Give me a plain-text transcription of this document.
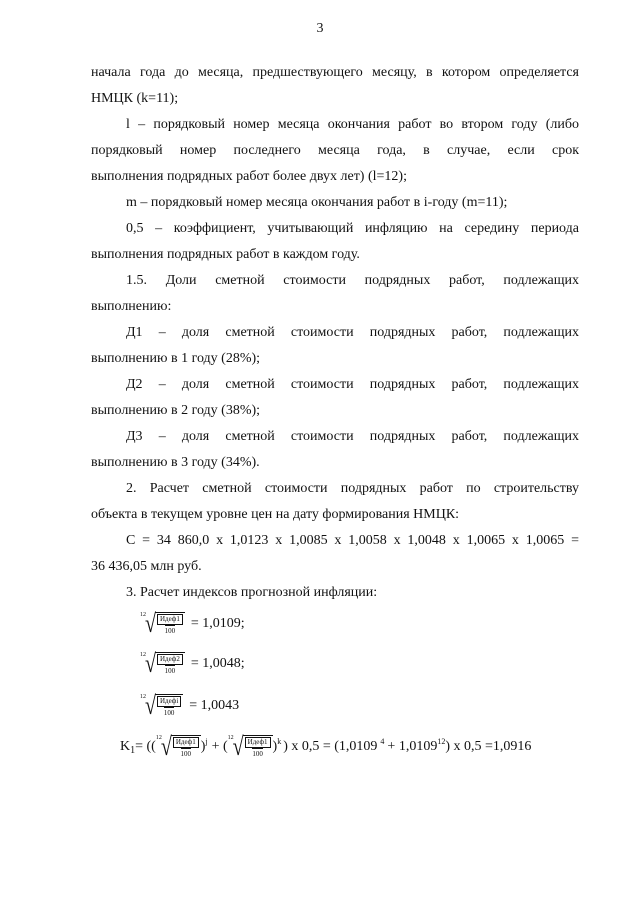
3
начала года до месяца, предшествующего месяцу, в котором определяется
НМЦК (k=11);
l – порядковый номер месяца окончания работ во втором году (либо
порядковый номер последнего месяца года, в случае, если срок
выполнения подрядных работ более двух лет) (l=12);
m – порядковый номер месяца окончания работ в i-году (m=11);
0,5 – коэффициент, учитывающий инфляцию на середину периода
выполнения подрядных работ в каждом году.
1.5. Доли сметной стоимости подрядных работ, подлежащих
выполнению:
Д1 – доля сметной стоимости подрядных работ, подлежащих
выполнению в 1 году (28%);
Д2 – доля сметной стоимости подрядных работ, подлежащих
выполнению в 2 году (38%);
Д3 – доля сметной стоимости подрядных работ, подлежащих
выполнению в 3 году (34%).
2. Расчет сметной стоимости подрядных работ по строительству
объекта в текущем уровне цен на дату формирования НМЦК:
С = 34 860,0 х 1,0123 х 1,0085 х 1,0058 х 1,0048 х 1,0065 х 1,0065 =
36 436,05 млн руб.
3. Расчет индексов прогнозной инфляции:
12 √ $\frac{\text{Идеф1}}{100} = 1,0109$;
12 √ $\frac{\text{Идеф2}}{100} = 1,0048$;
12 √ $\frac{\text{Идефi}}{100} = 1,0043$
K 1 = ((
12 √ $\frac{\text{Идеф1}}{100}$ ) j + (
12 √ $\frac{\text{Идеф1}}{100}$ ) k ) х 0,5 = (1,0109 4 + 1,0109 12 ) х 0,5 =1,0916
